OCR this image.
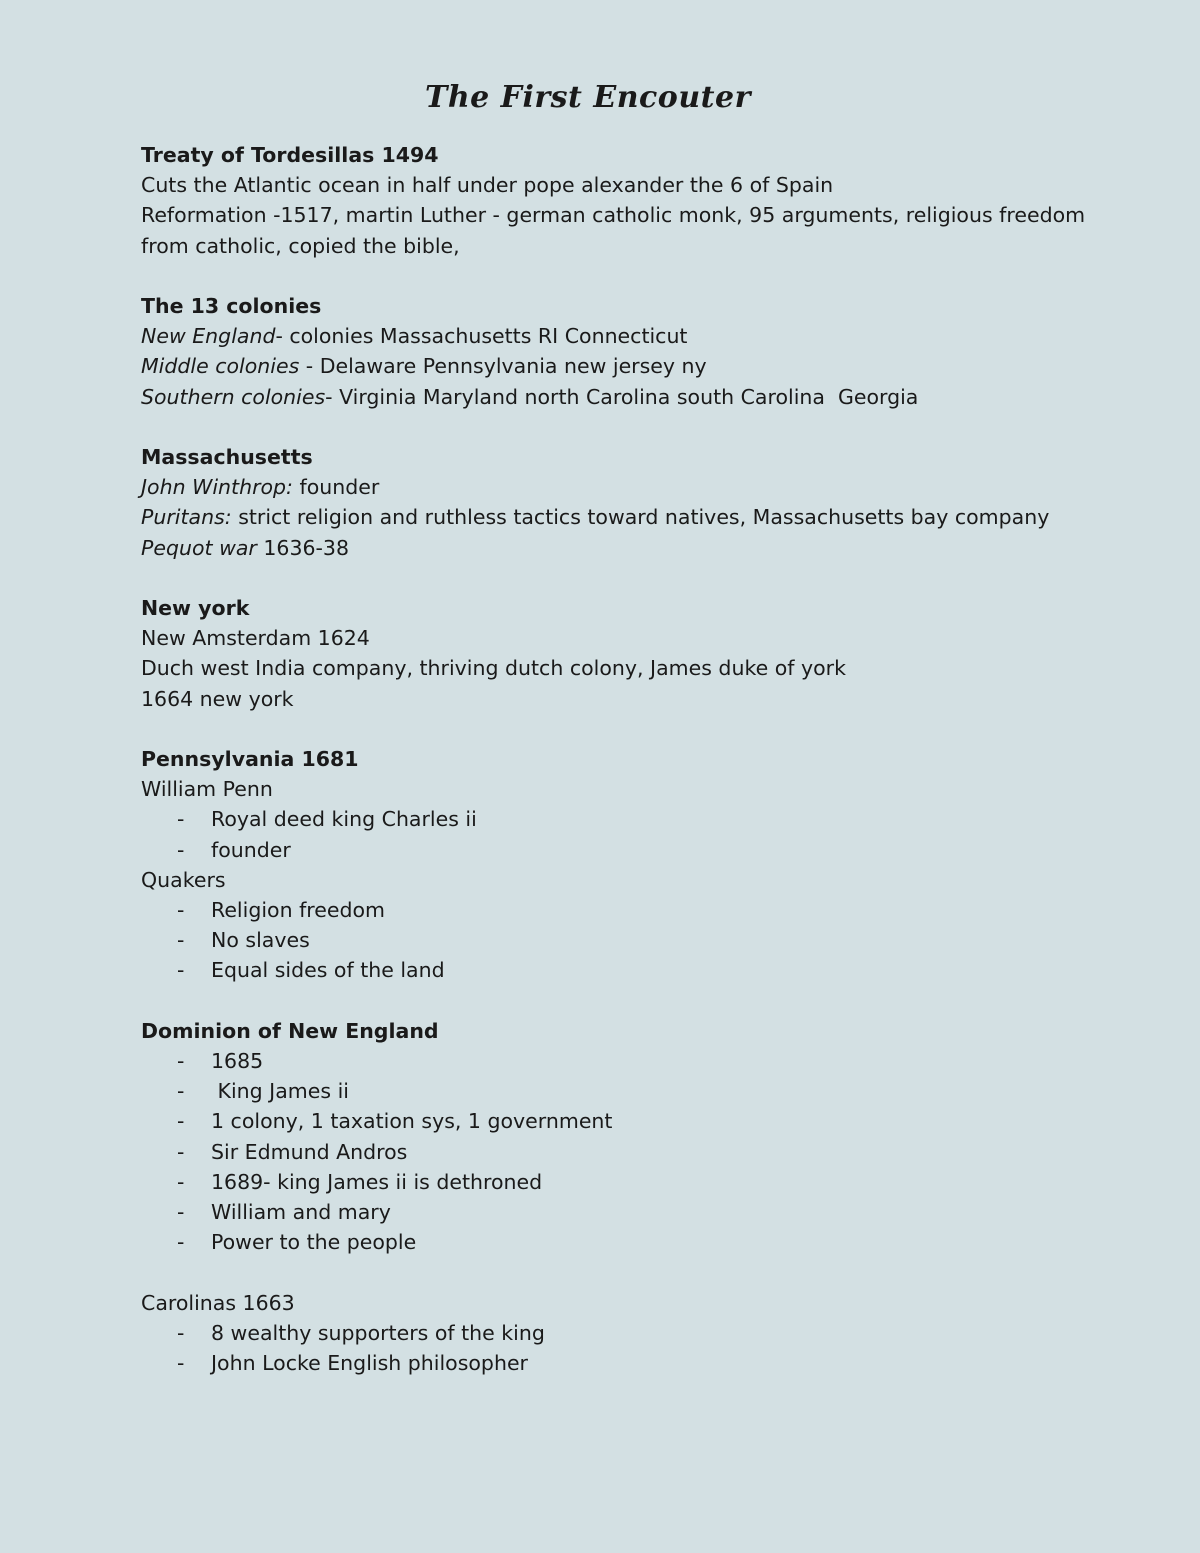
The First Encouter

Treaty of Tordesillas 1494

Cuts the Atlantic ocean in half under pope alexander the 6 of Spain

Reformation -1517, martin Luther - german catholic monk, 95 arguments, religious freedom from catholic, copied the bible,

The 13 colonies

New England- colonies Massachusetts RI Connecticut

Middle colonies - Delaware Pennsylvania new jersey ny

Southern colonies- Virginia Maryland north Carolina south Carolina  Georgia

Massachusetts

John Winthrop: founder

Puritans: strict religion and ruthless tactics toward natives, Massachusetts bay company

Pequot war 1636-38

New york

New Amsterdam 1624

Duch west India company, thriving dutch colony, James duke of york

1664 new york

Pennsylvania 1681

William Penn

- Royal deed king Charles ii
- founder

Quakers

- Religion freedom
- No slaves
- Equal sides of the land

Dominion of New England

- 1685
- King James ii
- 1 colony, 1 taxation sys, 1 government
- Sir Edmund Andros
- 1689- king James ii is dethroned
- William and mary
- Power to the people

Carolinas 1663

- 8 wealthy supporters of the king
- John Locke English philosopher
